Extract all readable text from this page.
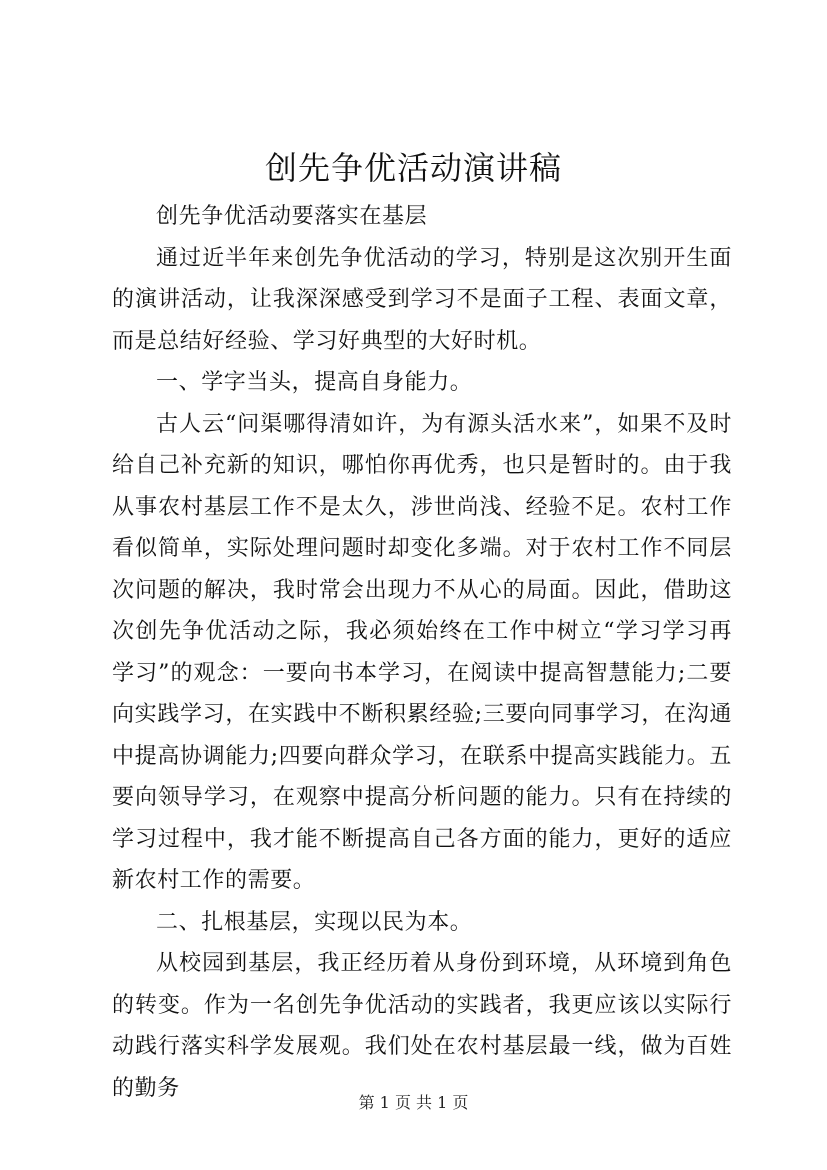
创先争优活动演讲稿

创先争优活动要落实在基层

通过近半年来创先争优活动的学习，特别是这次别开生面的演讲活动，让我深深感受到学习不是面子工程、表面文章，而是总结好经验、学习好典型的大好时机。

一、学字当头，提高自身能力。

古人云“问渠哪得清如许，为有源头活水来”，如果不及时给自己补充新的知识，哪怕你再优秀，也只是暂时的。由于我从事农村基层工作不是太久，涉世尚浅、经验不足。农村工作看似简单，实际处理问题时却变化多端。对于农村工作不同层次问题的解决，我时常会出现力不从心的局面。因此，借助这次创先争优活动之际，我必须始终在工作中树立“学习学习再学习”的观念：一要向书本学习，在阅读中提高智慧能力;二要向实践学习，在实践中不断积累经验;三要向同事学习，在沟通中提高协调能力;四要向群众学习，在联系中提高实践能力。五要向领导学习，在观察中提高分析问题的能力。只有在持续的学习过程中，我才能不断提高自己各方面的能力，更好的适应新农村工作的需要。

二、扎根基层，实现以民为本。

从校园到基层，我正经历着从身份到环境，从环境到角色的转变。作为一名创先争优活动的实践者，我更应该以实际行动践行落实科学发展观。我们处在农村基层最一线，做为百姓的勤务

第 1 页 共 1 页
